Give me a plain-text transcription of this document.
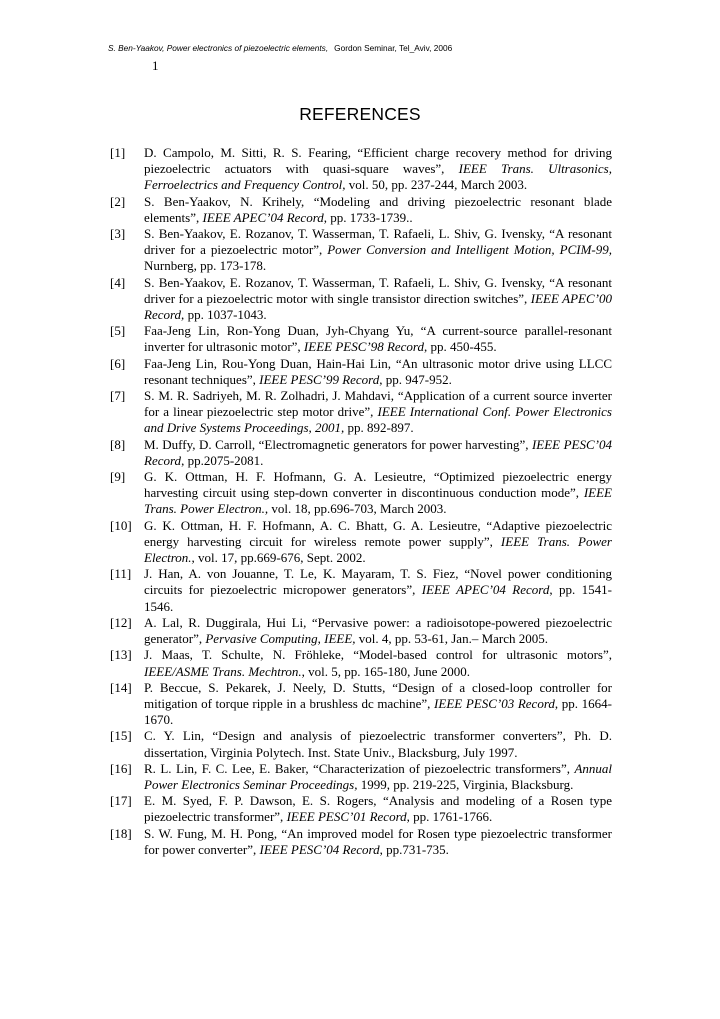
S. Ben-Yaakov, Power electronics of piezoelectric elements, Gordon Seminar, Tel_Aviv, 2006
1
REFERENCES
[1] D. Campolo, M. Sitti, R. S. Fearing, “Efficient charge recovery method for driving piezoelectric actuators with quasi-square waves”, IEEE Trans. Ultrasonics, Ferroelectrics and Frequency Control, vol. 50, pp. 237-244, March 2003.
[2] S. Ben-Yaakov, N. Krihely, “Modeling and driving piezoelectric resonant blade elements”, IEEE APEC’04 Record, pp. 1733-1739..
[3] S. Ben-Yaakov, E. Rozanov, T. Wasserman, T. Rafaeli, L. Shiv, G. Ivensky, “A resonant driver for a piezoelectric motor”, Power Conversion and Intelligent Motion, PCIM-99, Nurnberg, pp. 173-178.
[4] S. Ben-Yaakov, E. Rozanov, T. Wasserman, T. Rafaeli, L. Shiv, G. Ivensky, “A resonant driver for a piezoelectric motor with single transistor direction switches”, IEEE APEC’00 Record, pp. 1037-1043.
[5] Faa-Jeng Lin, Ron-Yong Duan, Jyh-Chyang Yu, “A current-source parallel-resonant inverter for ultrasonic motor”, IEEE PESC’98 Record, pp. 450-455.
[6] Faa-Jeng Lin, Rou-Yong Duan, Hain-Hai Lin, “An ultrasonic motor drive using LLCC resonant techniques”, IEEE PESC’99 Record, pp. 947-952.
[7] S. M. R. Sadriyeh, M. R. Zolhadri, J. Mahdavi, “Application of a current source inverter for a linear piezoelectric step motor drive”, IEEE International Conf. Power Electronics and Drive Systems Proceedings, 2001, pp. 892-897.
[8] M. Duffy, D. Carroll, “Electromagnetic generators for power harvesting”, IEEE PESC’04 Record, pp.2075-2081.
[9] G. K. Ottman, H. F. Hofmann, G. A. Lesieutre, “Optimized piezoelectric energy harvesting circuit using step-down converter in discontinuous conduction mode”, IEEE Trans. Power Electron., vol. 18, pp.696-703, March 2003.
[10] G. K. Ottman, H. F. Hofmann, A. C. Bhatt, G. A. Lesieutre, “Adaptive piezoelectric energy harvesting circuit for wireless remote power supply”, IEEE Trans. Power Electron., vol. 17, pp.669-676, Sept. 2002.
[11] J. Han, A. von Jouanne, T. Le, K. Mayaram, T. S. Fiez, “Novel power conditioning circuits for piezoelectric micropower generators”, IEEE APEC’04 Record, pp. 1541-1546.
[12] A. Lal, R. Duggirala, Hui Li, “Pervasive power: a radioisotope-powered piezoelectric generator”, Pervasive Computing, IEEE, vol. 4, pp. 53-61, Jan.– March 2005.
[13] J. Maas, T. Schulte, N. Fröhleke, “Model-based control for ultrasonic motors”, IEEE/ASME Trans. Mechtron., vol. 5, pp. 165-180, June 2000.
[14] P. Beccue, S. Pekarek, J. Neely, D. Stutts, “Design of a closed-loop controller for mitigation of torque ripple in a brushless dc machine”, IEEE PESC’03 Record, pp. 1664-1670.
[15] C. Y. Lin, “Design and analysis of piezoelectric transformer converters”, Ph. D. dissertation, Virginia Polytech. Inst. State Univ., Blacksburg, July 1997.
[16] R. L. Lin, F. C. Lee, E. Baker, “Characterization of piezoelectric transformers”, Annual Power Electronics Seminar Proceedings, 1999, pp. 219-225, Virginia, Blacksburg.
[17] E. M. Syed, F. P. Dawson, E. S. Rogers, “Analysis and modeling of a Rosen type piezoelectric transformer”, IEEE PESC’01 Record, pp. 1761-1766.
[18] S. W. Fung, M. H. Pong, “An improved model for Rosen type piezoelectric transformer for power converter”, IEEE PESC’04 Record, pp.731-735.
